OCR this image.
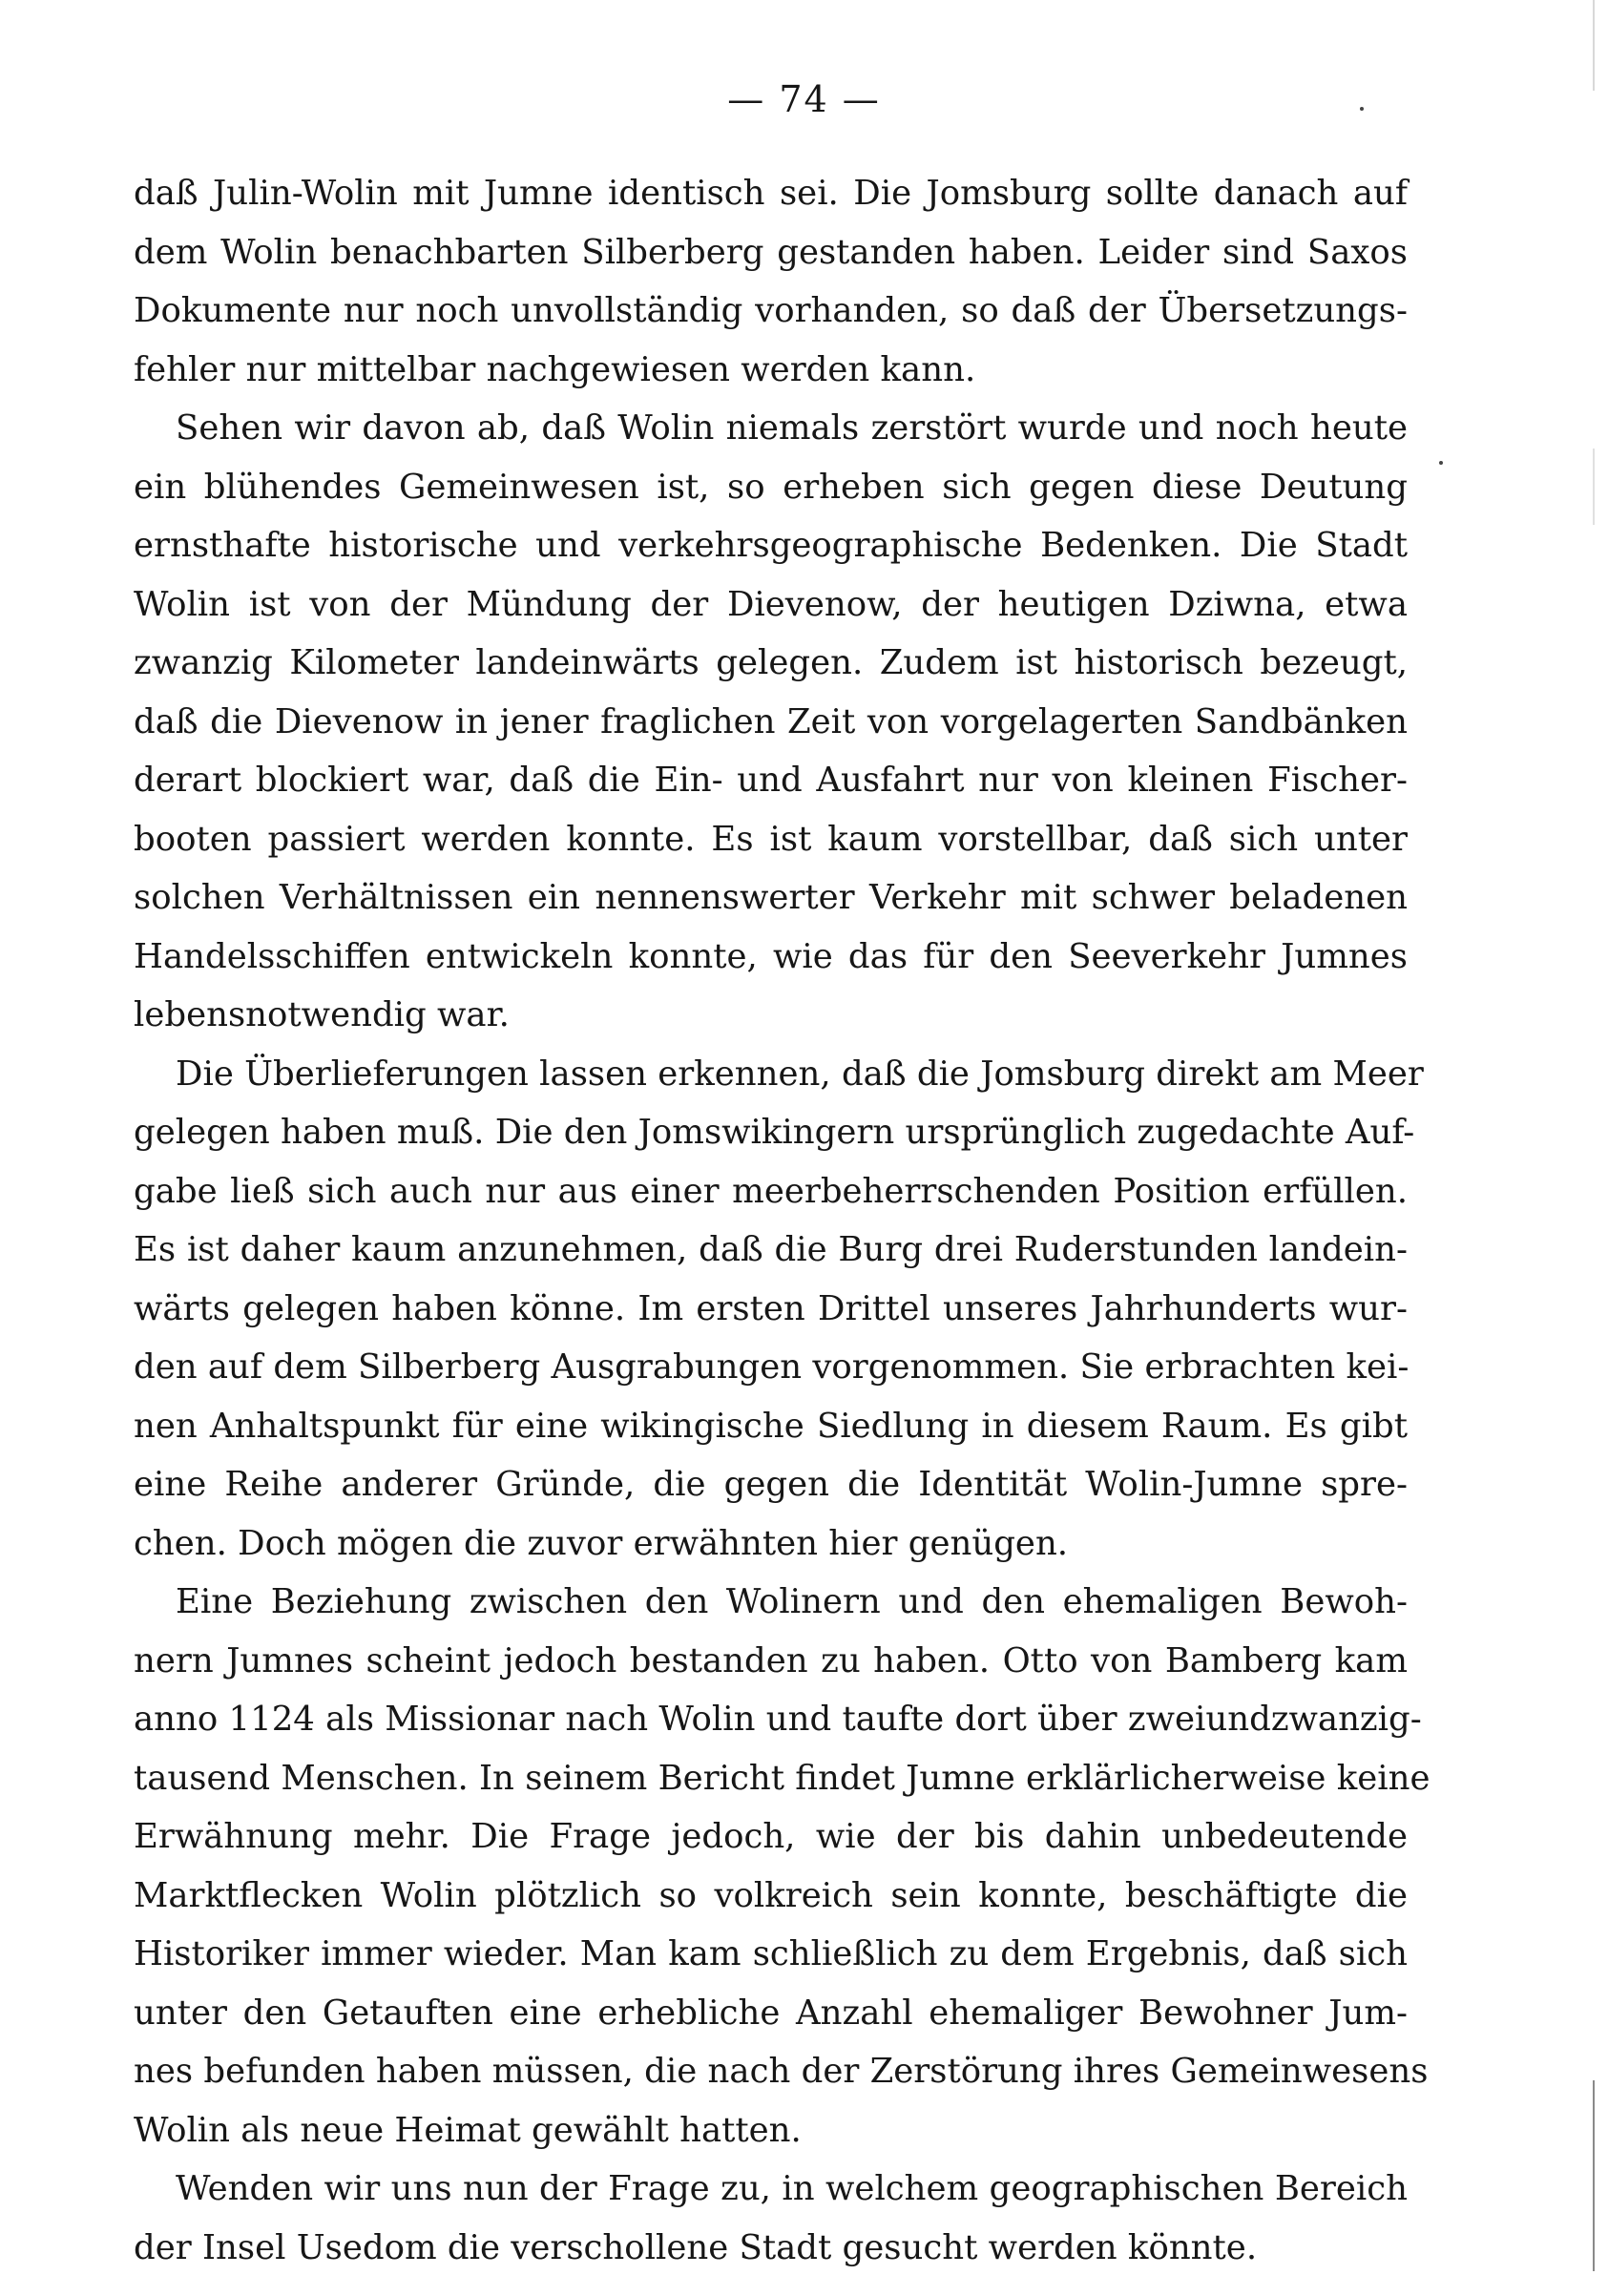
— 74 —
daß Julin-Wolin mit Jumne identisch sei. Die Jomsburg sollte danach auf
dem Wolin benachbarten Silberberg gestanden haben. Leider sind Saxos
Dokumente nur noch unvollständig vorhanden, so daß der Übersetzungs-
fehler nur mittelbar nachgewiesen werden kann.
Sehen wir davon ab, daß Wolin niemals zerstört wurde und noch heute
ein blühendes Gemeinwesen ist, so erheben sich gegen diese Deutung
ernsthafte historische und verkehrsgeographische Bedenken. Die Stadt
Wolin ist von der Mündung der Dievenow, der heutigen Dziwna, etwa
zwanzig Kilometer landeinwärts gelegen. Zudem ist historisch bezeugt,
daß die Dievenow in jener fraglichen Zeit von vorgelagerten Sandbänken
derart blockiert war, daß die Ein- und Ausfahrt nur von kleinen Fischer-
booten passiert werden konnte. Es ist kaum vorstellbar, daß sich unter
solchen Verhältnissen ein nennenswerter Verkehr mit schwer beladenen
Handelsschiffen entwickeln konnte, wie das für den Seeverkehr Jumnes
lebensnotwendig war.
Die Überlieferungen lassen erkennen, daß die Jomsburg direkt am Meer
gelegen haben muß. Die den Jomswikingern ursprünglich zugedachte Auf-
gabe ließ sich auch nur aus einer meerbeherrschenden Position erfüllen.
Es ist daher kaum anzunehmen, daß die Burg drei Ruderstunden landein-
wärts gelegen haben könne. Im ersten Drittel unseres Jahrhunderts wur-
den auf dem Silberberg Ausgrabungen vorgenommen. Sie erbrachten kei-
nen Anhaltspunkt für eine wikingische Siedlung in diesem Raum. Es gibt
eine Reihe anderer Gründe, die gegen die Identität Wolin-Jumne spre-
chen. Doch mögen die zuvor erwähnten hier genügen.
Eine Beziehung zwischen den Wolinern und den ehemaligen Bewoh-
nern Jumnes scheint jedoch bestanden zu haben. Otto von Bamberg kam
anno 1124 als Missionar nach Wolin und taufte dort über zweiundzwanzig-
tausend Menschen. In seinem Bericht findet Jumne erklärlicherweise keine
Erwähnung mehr. Die Frage jedoch, wie der bis dahin unbedeutende
Marktflecken Wolin plötzlich so volkreich sein konnte, beschäftigte die
Historiker immer wieder. Man kam schließlich zu dem Ergebnis, daß sich
unter den Getauften eine erhebliche Anzahl ehemaliger Bewohner Jum-
nes befunden haben müssen, die nach der Zerstörung ihres Gemeinwesens
Wolin als neue Heimat gewählt hatten.
Wenden wir uns nun der Frage zu, in welchem geographischen Bereich
der Insel Usedom die verschollene Stadt gesucht werden könnte.
